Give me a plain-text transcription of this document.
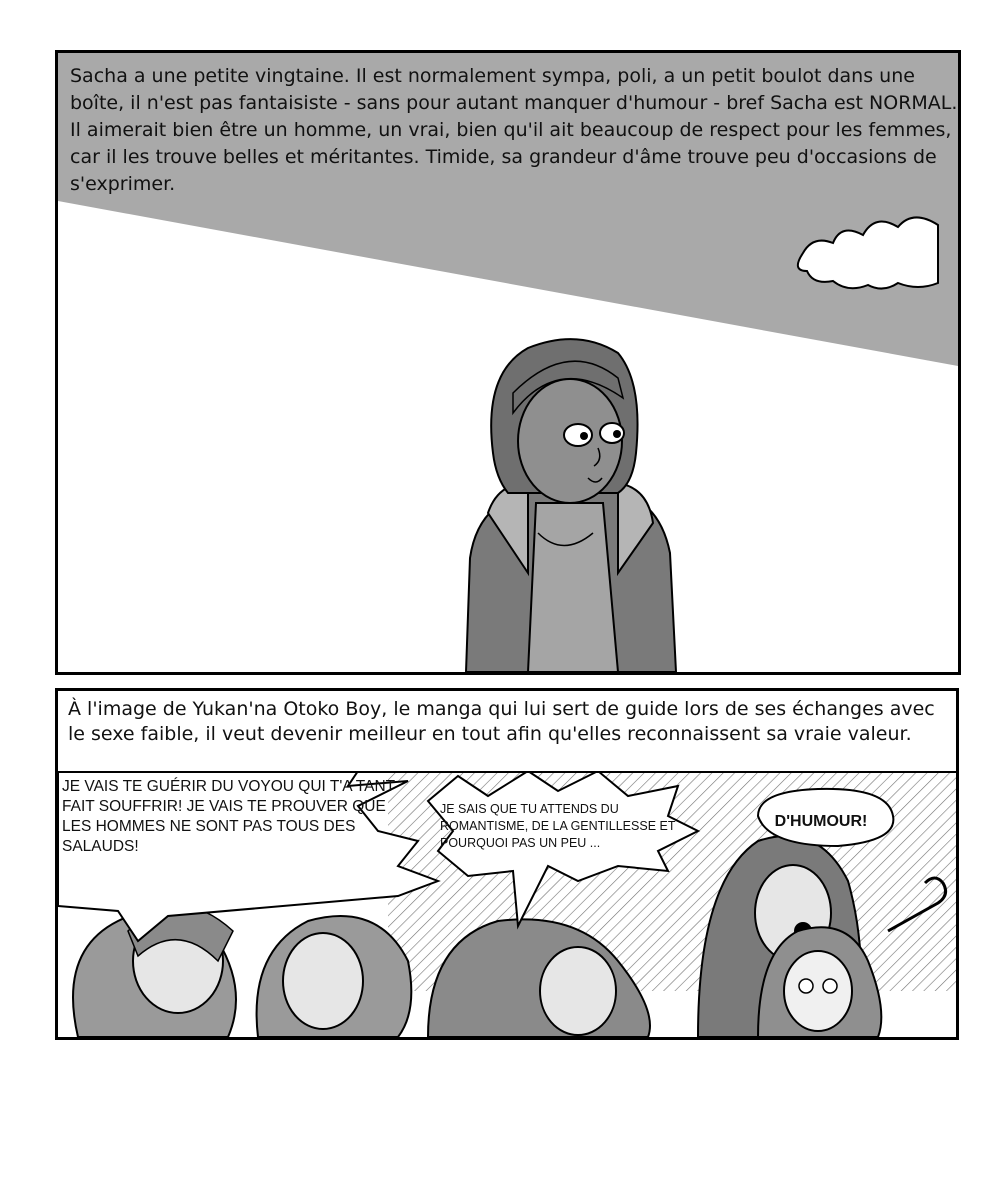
Sacha a une petite vingtaine. Il est normalement sympa, poli, a un petit boulot dans une boîte, il n'est pas fantaisiste - sans pour autant manquer d'humour - bref Sacha est NORMAL. Il aimerait bien être un homme, un vrai, bien qu'il ait beaucoup de respect pour les femmes, car il les trouve belles et méritantes. Timide, sa grandeur d'âme trouve peu d'occasions de s'exprimer.
À l'image de Yukan'na Otoko Boy, le manga qui lui sert de guide lors de ses échanges avec le sexe faible, il veut devenir meilleur en tout afin qu'elles reconnaissent sa vraie valeur.
JE VAIS TE GUÉRIR DU VOYOU QUI T'A TANT FAIT SOUFFRIR! JE VAIS TE PROUVER QUE LES HOMMES NE SONT PAS TOUS DES SALAUDS!
JE SAIS QUE TU ATTENDS DU ROMANTISME, DE LA GENTILLESSE ET POURQUOI PAS UN PEU ...
D'HUMOUR!
